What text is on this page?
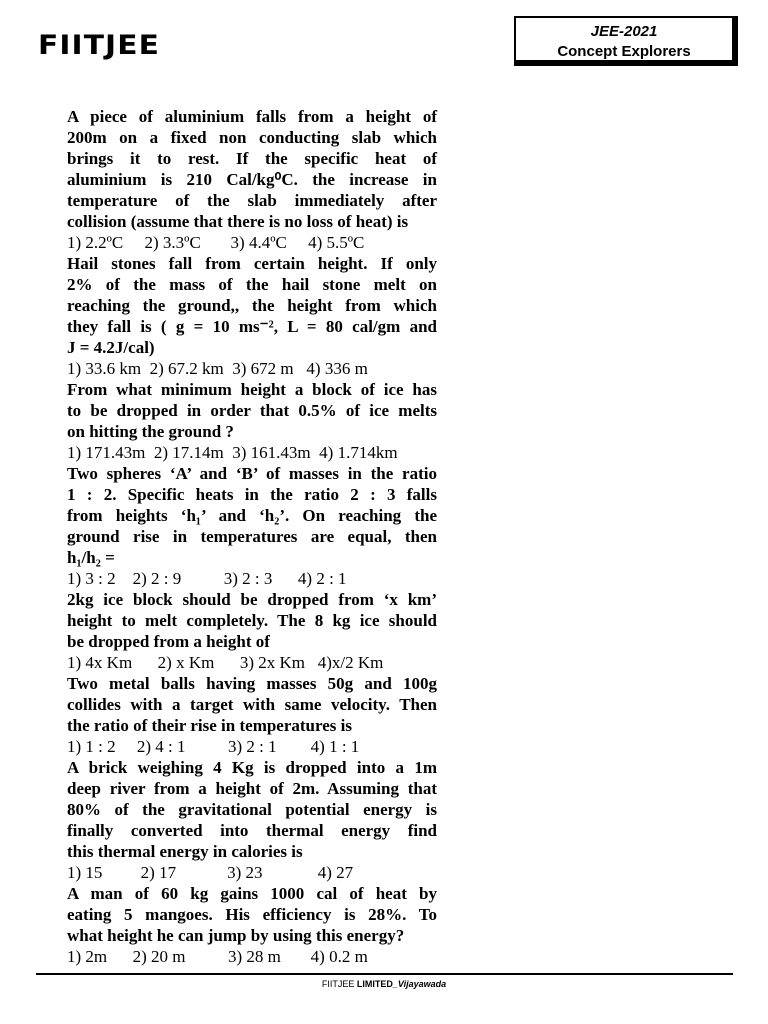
FIITJEE	JEE-2021
Concept Explorers
A piece of aluminium falls from a height of
200m on a fixed non conducting slab which
brings it to rest. If the specific heat of
aluminium is 210 Cal/kg⁰C. the increase in
temperature of the slab immediately after
collision (assume that there is no loss of heat) is
1) 2.2ºC     2) 3.3ºC       3) 4.4ºC     4) 5.5ºC
Hail stones fall from certain height. If only
2% of the mass of the hail stone melt on
reaching the ground,, the height from which
they fall is ( g = 10 ms⁻², L = 80 cal/gm and
J = 4.2J/cal)
1) 33.6 km  2) 67.2 km  3) 672 m   4) 336 m
From what minimum height a block of ice has
to be dropped in order that 0.5% of ice melts
on hitting the ground ?
1) 171.43m  2) 17.14m  3) 161.43m  4) 1.714km
Two spheres ‘A’ and ‘B’ of masses in the ratio
1 : 2. Specific heats in the ratio 2 : 3 falls
from heights ‘h₁’ and ‘h₂’. On reaching the
ground rise in temperatures are equal, then
h₁/h₂ =
1) 3 : 2    2) 2 : 9          3) 2 : 3      4) 2 : 1
2kg ice block should be dropped from ‘x km’
height to melt completely. The 8 kg ice should
be dropped from a height of
1) 4x Km      2) x Km      3) 2x Km   4)x/2 Km
Two metal balls having masses 50g and 100g
collides with a target with same velocity. Then
the ratio of their rise in temperatures is
1) 1 : 2     2) 4 : 1          3) 2 : 1        4) 1 : 1
A brick weighing 4 Kg is dropped into a 1m
deep river from a height of 2m. Assuming that
80% of the gravitational potential energy is
finally converted into thermal energy find
this thermal energy in calories is
1) 15         2) 17            3) 23             4) 27
A man of 60 kg gains 1000 cal of heat by
eating 5 mangoes. His efficiency is 28%. To
what height he can jump by using this energy?
1) 2m      2) 20 m          3) 28 m       4) 0.2 m
FIITJEE LIMITED_Vijayawada
